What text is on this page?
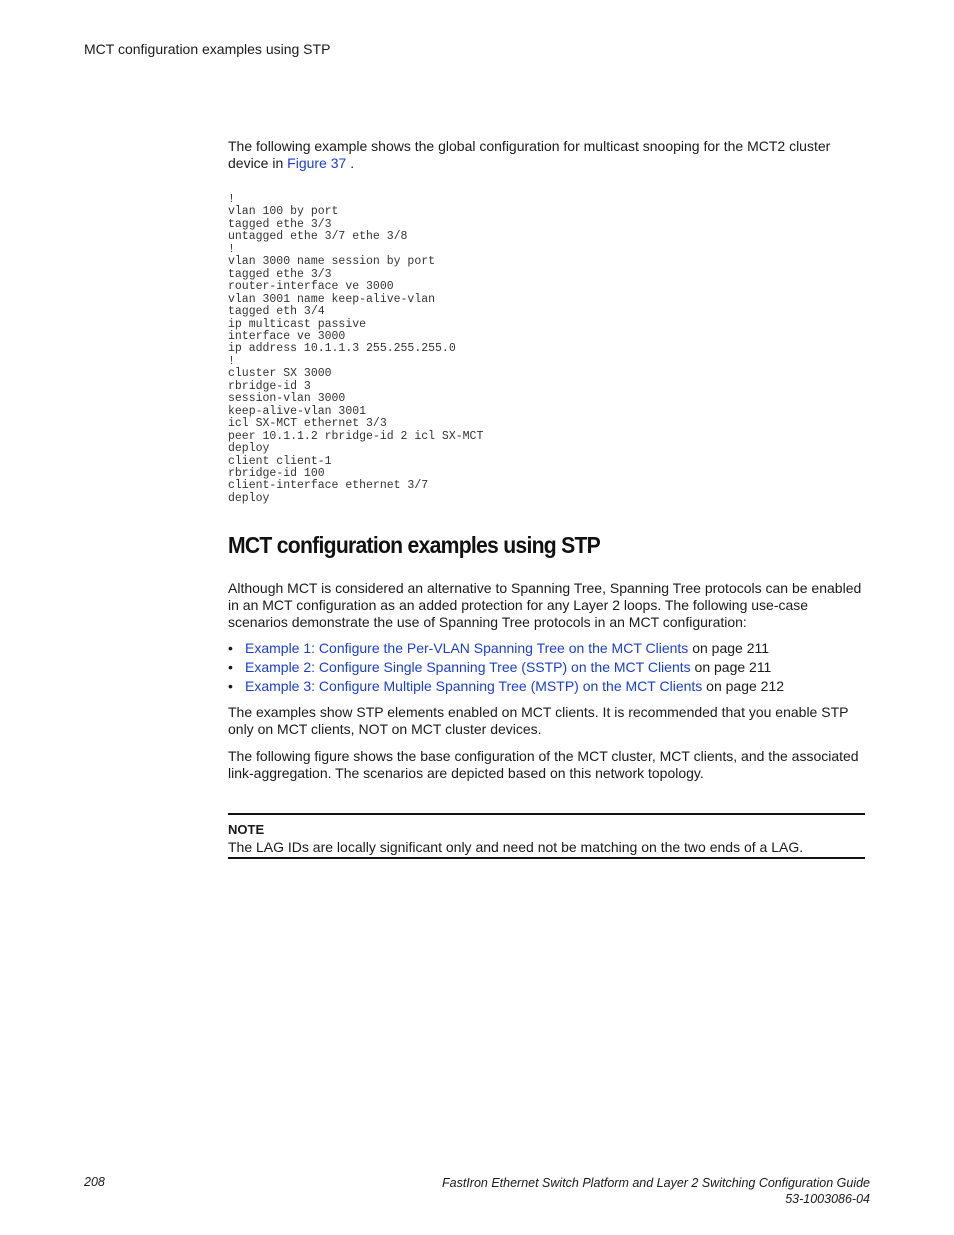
MCT configuration examples using STP

The following example shows the global configuration for multicast snooping for the MCT2 cluster device in Figure 37 .

!
vlan 100 by port
tagged ethe 3/3
untagged ethe 3/7 ethe 3/8
!
vlan 3000 name session by port
tagged ethe 3/3
router-interface ve 3000
vlan 3001 name keep-alive-vlan
tagged eth 3/4
ip multicast passive
interface ve 3000
ip address 10.1.1.3 255.255.255.0
!
cluster SX 3000
rbridge-id 3
session-vlan 3000
keep-alive-vlan 3001
icl SX-MCT ethernet 3/3
peer 10.1.1.2 rbridge-id 2 icl SX-MCT
deploy
client client-1
rbridge-id 100
client-interface ethernet 3/7
deploy
MCT configuration examples using STP

Although MCT is considered an alternative to Spanning Tree, Spanning Tree protocols can be enabled in an MCT configuration as an added protection for any Layer 2 loops. The following use-case scenarios demonstrate the use of Spanning Tree protocols in an MCT configuration:

• Example 1: Configure the Per-VLAN Spanning Tree on the MCT Clients on page 211
• Example 2: Configure Single Spanning Tree (SSTP) on the MCT Clients on page 211
• Example 3: Configure Multiple Spanning Tree (MSTP) on the MCT Clients on page 212

The examples show STP elements enabled on MCT clients. It is recommended that you enable STP only on MCT clients, NOT on MCT cluster devices.

The following figure shows the base configuration of the MCT cluster, MCT clients, and the associated link-aggregation. The scenarios are depicted based on this network topology.

NOTE
The LAG IDs are locally significant only and need not be matching on the two ends of a LAG.
208	FastIron Ethernet Switch Platform and Layer 2 Switching Configuration Guide
53-1003086-04
